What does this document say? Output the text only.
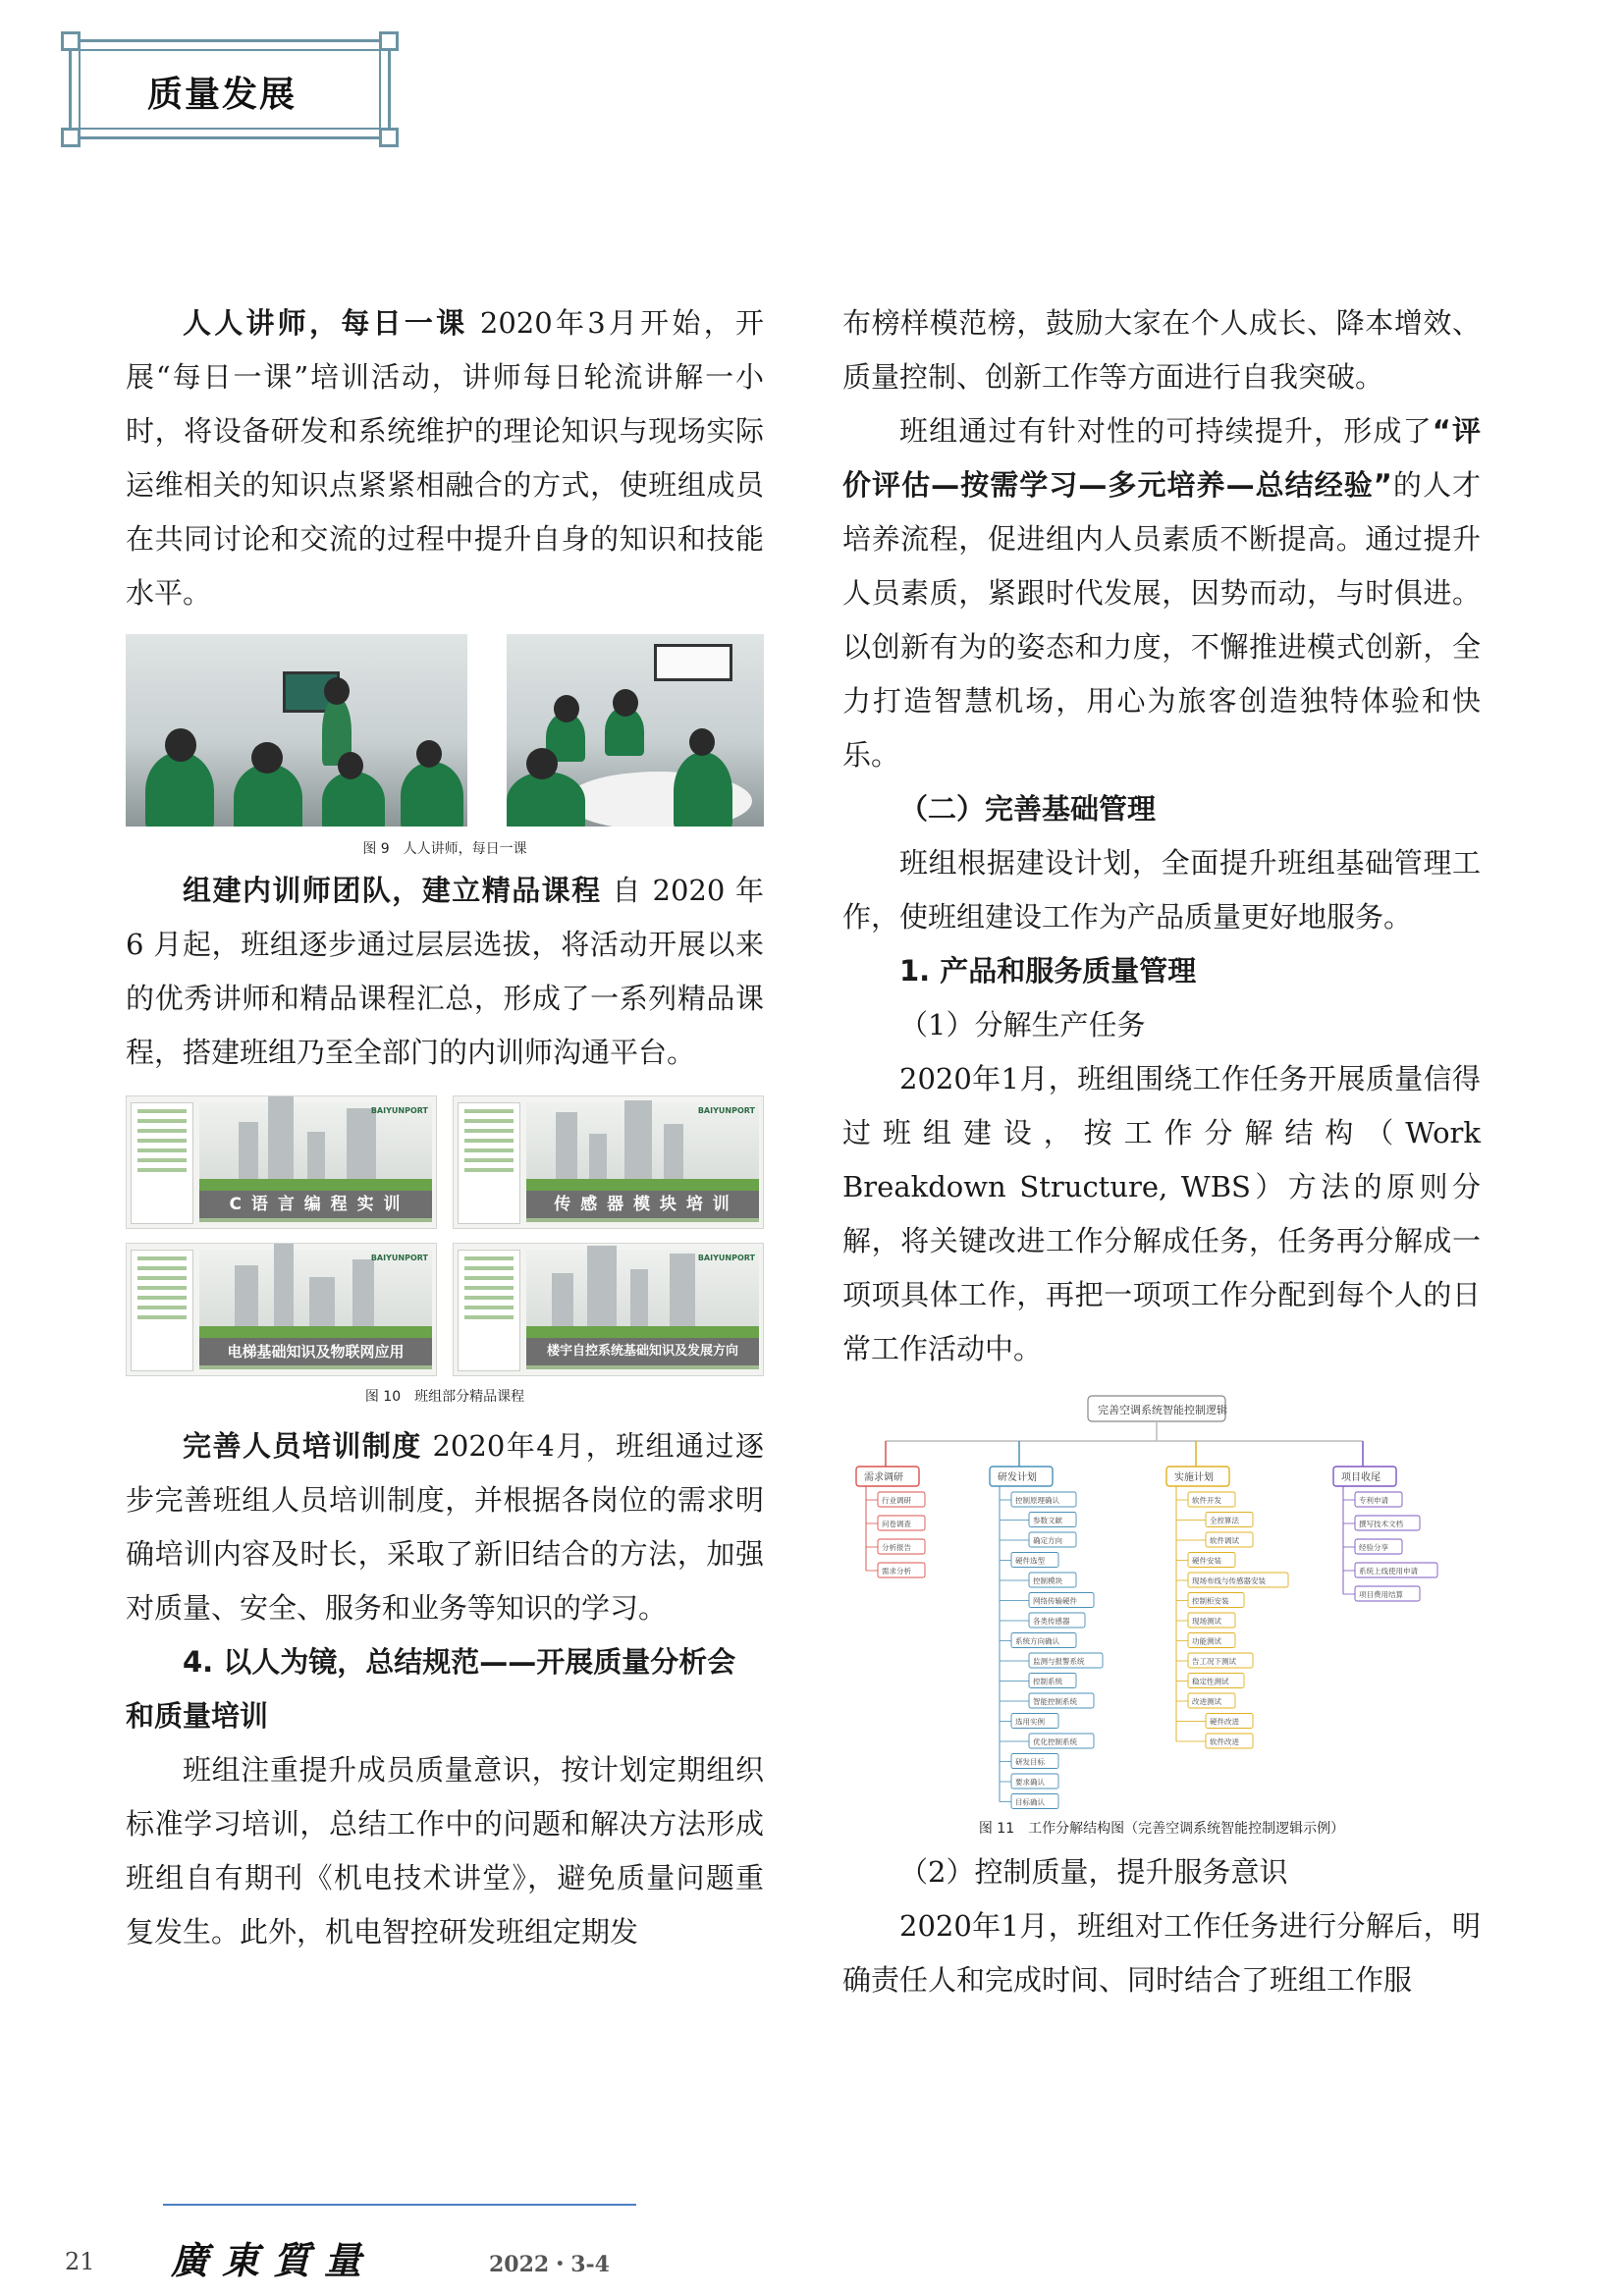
质量发展

人人讲师，每日一课 2020年3月开始，开展“每日一课”培训活动，讲师每日轮流讲解一小时，将设备研发和系统维护的理论知识与现场实际运维相关的知识点紧紧相融合的方式，使班组成员在共同讨论和交流的过程中提升自身的知识和技能水平。

图 9　人人讲师，每日一课

组建内训师团队，建立精品课程 自 2020 年 6 月起，班组逐步通过层层选拔，将活动开展以来的优秀讲师和精品课程汇总，形成了一系列精品课程，搭建班组乃至全部门的内训师沟通平台。

BAIYUNPORT
C 语 言 编 程 实 训
BAIYUNPORT
传 感 器 模 块 培 训
BAIYUNPORT
电梯基础知识及物联网应用
BAIYUNPORT
楼宇自控系统基础知识及发展方向
图 10　班组部分精品课程

完善人员培训制度 2020年4月，班组通过逐步完善班组人员培训制度，并根据各岗位的需求明确培训内容及时长，采取了新旧结合的方法，加强对质量、安全、服务和业务等知识的学习。

4. 以人为镜，总结规范——开展质量分析会和质量培训

班组注重提升成员质量意识，按计划定期组织标准学习培训，总结工作中的问题和解决方法形成班组自有期刊《机电技术讲堂》，避免质量问题重复发生。此外，机电智控研发班组定期发

布榜样模范榜，鼓励大家在个人成长、降本增效、质量控制、创新工作等方面进行自我突破。

班组通过有针对性的可持续提升，形成了“评价评估—按需学习—多元培养—总结经验”的人才培养流程，促进组内人员素质不断提高。通过提升人员素质，紧跟时代发展，因势而动，与时俱进。以创新有为的姿态和力度，不懈推进模式创新，全力打造智慧机场，用心为旅客创造独特体验和快乐。

（二）完善基础管理

班组根据建设计划，全面提升班组基础管理工作，使班组建设工作为产品质量更好地服务。

1. 产品和服务质量管理

（1）分解生产任务

2020年1月，班组围绕工作任务开展质量信得过班组建设，按工作分解结构（Work Breakdown Structure, WBS）方法的原则分解，将关键改进工作分解成任务，任务再分解成一项项具体工作，再把一项项工作分配到每个人的日常工作活动中。

完善空调系统智能控制逻辑
需求调研
行业调研
问卷调查
分析报告
需求分析
研发计划
控制原理确认
参数文献
确定方向
硬件选型
控制模块
网络传输硬件
各类传感器
系统方向确认
监测与报警系统
控制系统
智能控制系统
选用实例
优化控制系统
研发目标
要求确认
目标确认
实施计划
软件开发
全控算法
软件调试
硬件安装
现场布线与传感器安装
控制柜安装
现场测试
功能测试
告工况下测试
稳定性测试
改进测试
硬件改进
软件改进
项目收尾
专利申请
撰写技术文档
经验分享
系统上线使用申请
项目费用结算
图 11　工作分解结构图（完善空调系统智能控制逻辑示例）

（2）控制质量，提升服务意识

2020年1月，班组对工作任务进行分解后，明确责任人和完成时间、同时结合了班组工作服

21 廣東質量	2022・3-4
